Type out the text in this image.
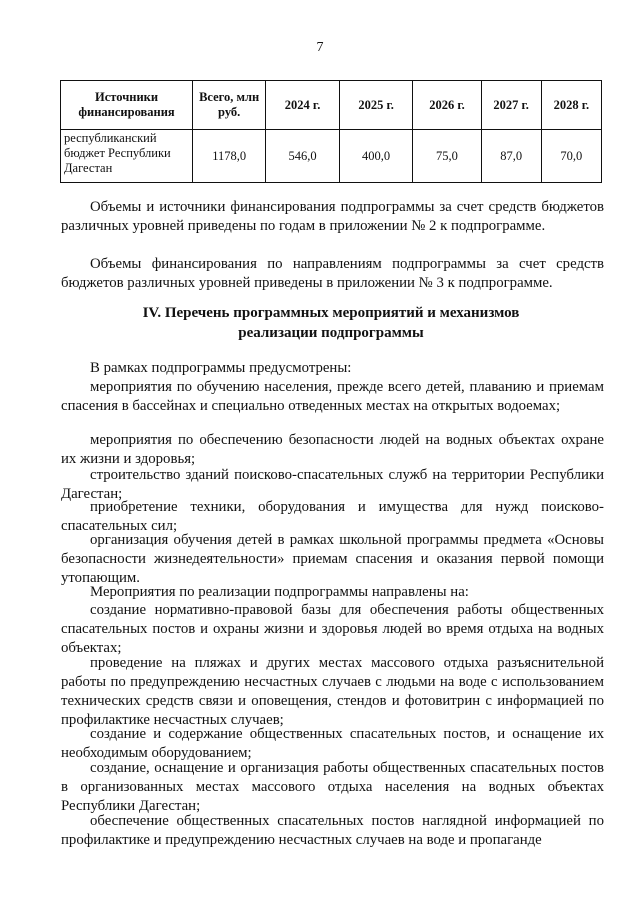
7
Источники финансирования	Всего, млн руб.	2024 г.	2025 г.	2026 г.	2027 г.	2028 г.
республиканский бюджет Республики Дагестан	1178,0	546,0	400,0	75,0	87,0	70,0

Объемы и источники финансирования подпрограммы за счет средств бюджетов различных уровней приведены по годам в приложении № 2 к подпрограмме.

Объемы финансирования по направлениям подпрограммы за счет средств бюджетов различных уровней приведены в приложении № 3 к подпрограмме.

IV. Перечень программных мероприятий и механизмов
реализации подпрограммы

В рамках подпрограммы предусмотрены:

мероприятия по обучению населения, прежде всего детей, плаванию и приемам спасения в бассейнах и специально отведенных местах на открытых водоемах;

мероприятия по обеспечению безопасности людей на водных объектах охране их жизни и здоровья;

строительство зданий поисково-спасательных служб на территории Республики Дагестан;

приобретение техники, оборудования и имущества для нужд поисково-спасательных сил;

организация обучения детей в рамках школьной программы предмета «Основы безопасности жизнедеятельности» приемам спасения и оказания первой помощи утопающим.

Мероприятия по реализации подпрограммы направлены на:

создание нормативно-правовой базы для обеспечения работы общественных спасательных постов и охраны жизни и здоровья людей во время отдыха на водных объектах;

проведение на пляжах и других местах массового отдыха разъяснительной работы по предупреждению несчастных случаев с людьми на воде с использованием технических средств связи и оповещения, стендов и фотовитрин с информацией по профилактике несчастных случаев;

создание и содержание общественных спасательных постов, и оснащение их необходимым оборудованием;

создание, оснащение и организация работы общественных спасательных постов в организованных местах массового отдыха населения на водных объектах Республики Дагестан;

обеспечение общественных спасательных постов наглядной информацией по профилактике и предупреждению несчастных случаев на воде и пропаганде
